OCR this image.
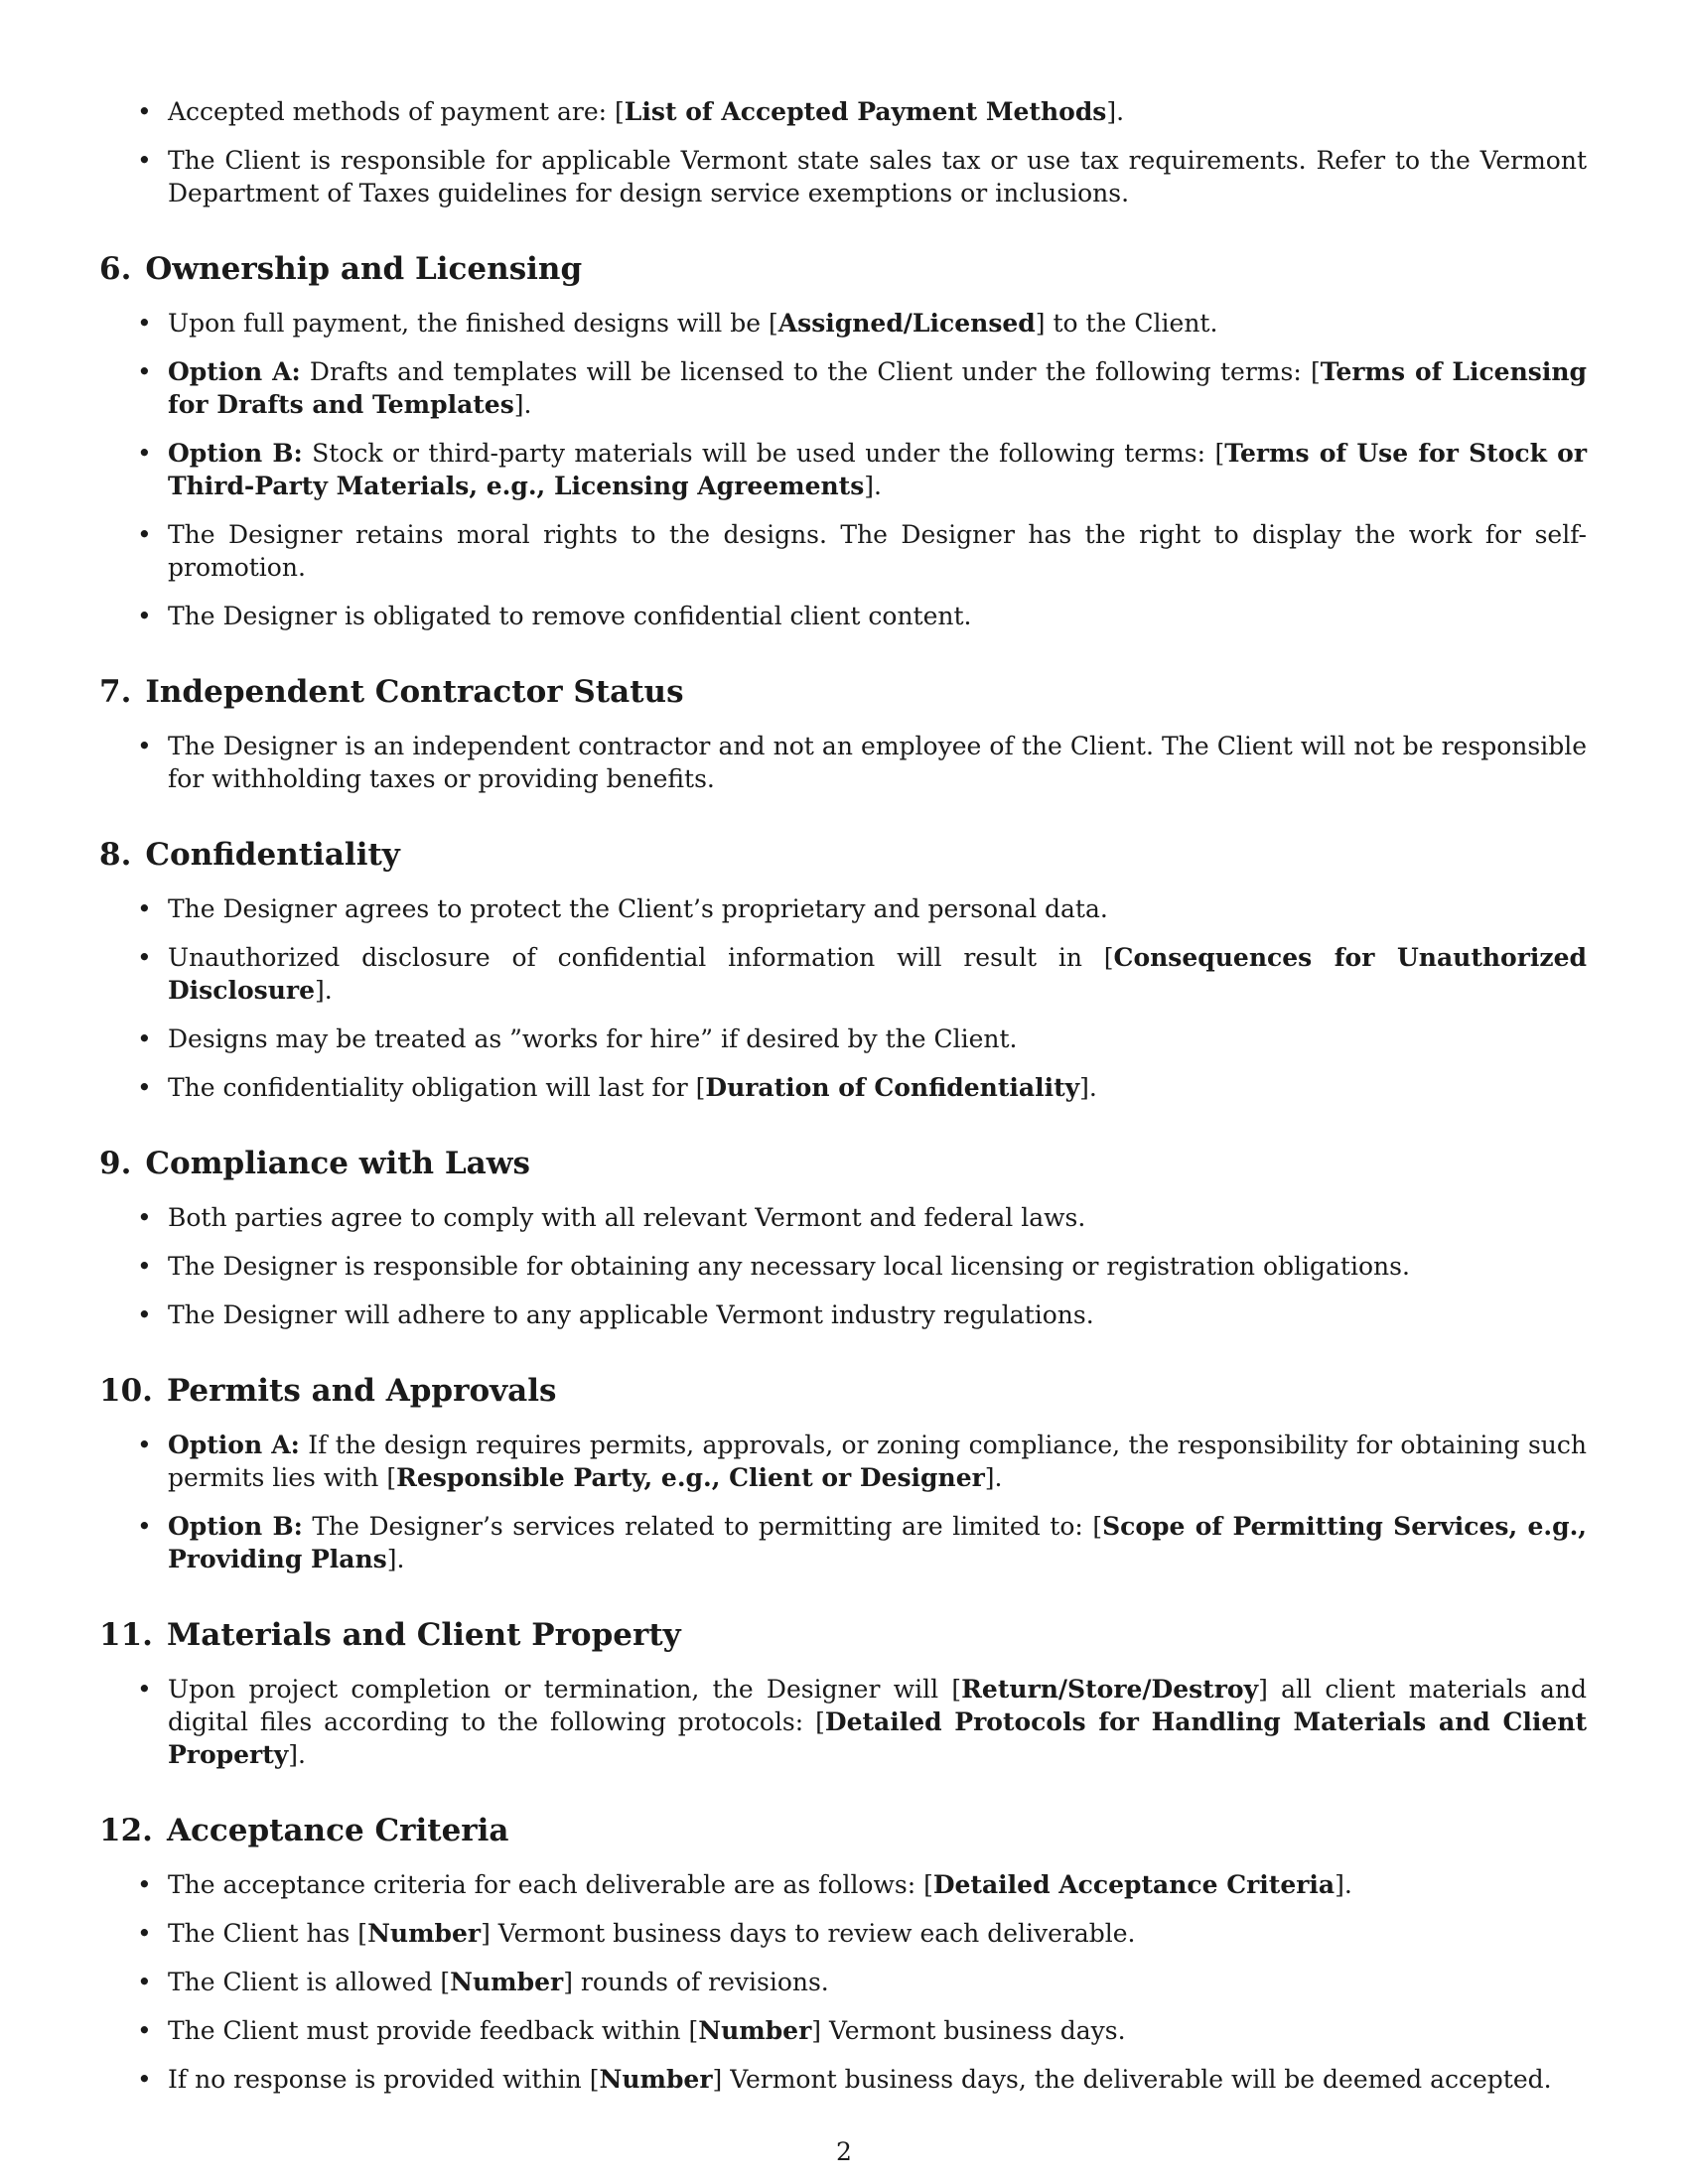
• Accepted methods of payment are: [List of Accepted Payment Methods].
• The Client is responsible for applicable Vermont state sales tax or use tax requirements. Refer to the Vermont Department of Taxes guidelines for design service exemptions or inclusions.
6. Ownership and Licensing
• Upon full payment, the finished designs will be [Assigned/Licensed] to the Client.
• Option A: Drafts and templates will be licensed to the Client under the following terms: [Terms of Licensing for Drafts and Templates].
• Option B: Stock or third-party materials will be used under the following terms: [Terms of Use for Stock or Third-Party Materials, e.g., Licensing Agreements].
• The Designer retains moral rights to the designs. The Designer has the right to display the work for self-promotion.
• The Designer is obligated to remove confidential client content.
7. Independent Contractor Status
• The Designer is an independent contractor and not an employee of the Client. The Client will not be responsible for withholding taxes or providing benefits.
8. Confidentiality
• The Designer agrees to protect the Client’s proprietary and personal data.
• Unauthorized disclosure of confidential information will result in [Consequences for Unauthorized Disclosure].
• Designs may be treated as ”works for hire” if desired by the Client.
• The confidentiality obligation will last for [Duration of Confidentiality].
9. Compliance with Laws
• Both parties agree to comply with all relevant Vermont and federal laws.
• The Designer is responsible for obtaining any necessary local licensing or registration obligations.
• The Designer will adhere to any applicable Vermont industry regulations.
10. Permits and Approvals
• Option A: If the design requires permits, approvals, or zoning compliance, the responsibility for obtaining such permits lies with [Responsible Party, e.g., Client or Designer].
• Option B: The Designer’s services related to permitting are limited to: [Scope of Permitting Services, e.g., Providing Plans].
11. Materials and Client Property
• Upon project completion or termination, the Designer will [Return/Store/Destroy] all client materials and digital files according to the following protocols: [Detailed Protocols for Handling Materials and Client Property].
12. Acceptance Criteria
• The acceptance criteria for each deliverable are as follows: [Detailed Acceptance Criteria].
• The Client has [Number] Vermont business days to review each deliverable.
• The Client is allowed [Number] rounds of revisions.
• The Client must provide feedback within [Number] Vermont business days.
• If no response is provided within [Number] Vermont business days, the deliverable will be deemed accepted.
2
